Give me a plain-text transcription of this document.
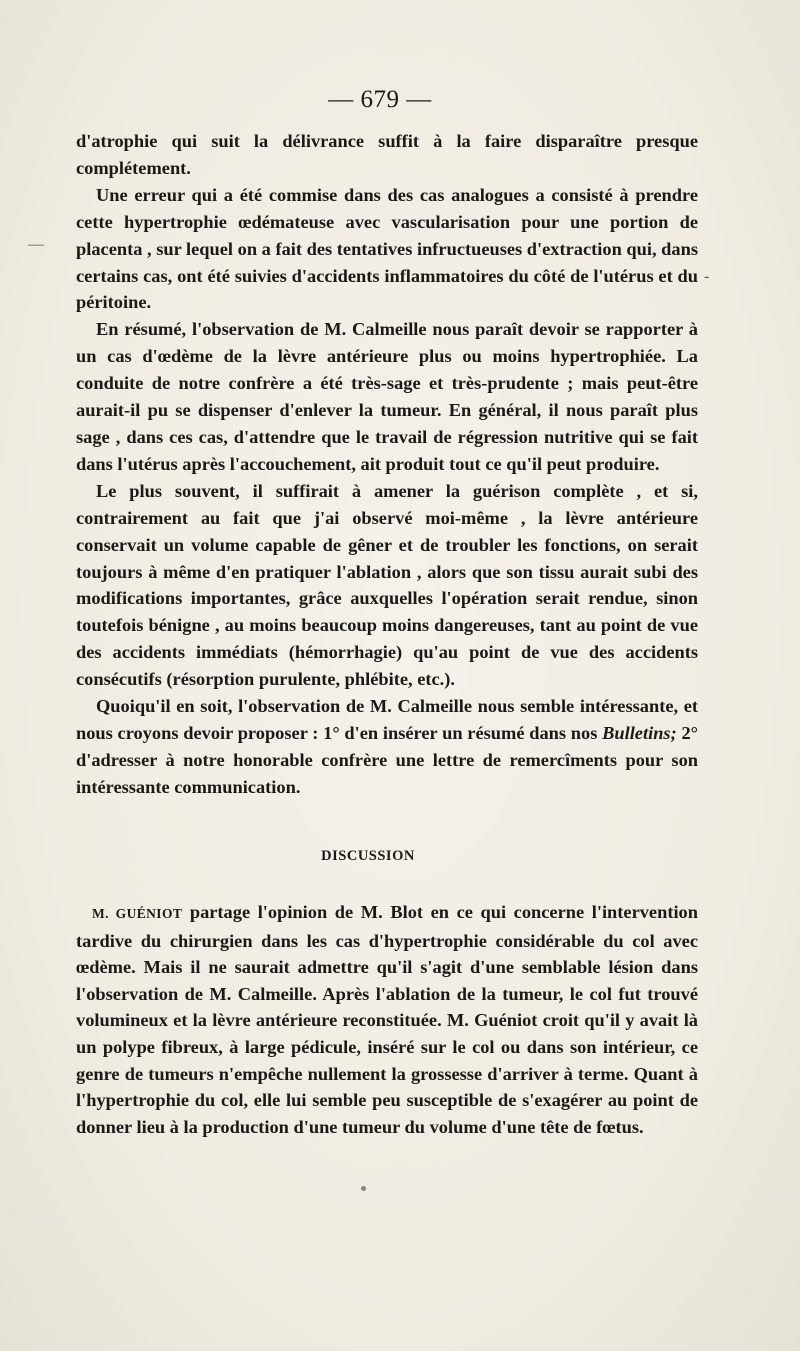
— 679 —
—
-

d'atrophie qui suit la délivrance suffit à la faire disparaître presque complétement.

Une erreur qui a été commise dans des cas analogues a consisté à prendre cette hypertrophie œdémateuse avec vascularisation pour une portion de placenta , sur lequel on a fait des tentatives infructueuses d'extraction qui, dans certains cas, ont été suivies d'accidents inflammatoires du côté de l'utérus et du péritoine.

En résumé, l'observation de M. Calmeille nous paraît devoir se rapporter à un cas d'œdème de la lèvre antérieure plus ou moins hypertrophiée. La conduite de notre confrère a été très-sage et très-prudente ; mais peut-être aurait-il pu se dispenser d'enlever la tumeur. En général, il nous paraît plus sage , dans ces cas, d'attendre que le travail de régression nutritive qui se fait dans l'utérus après l'accouchement, ait produit tout ce qu'il peut produire.

Le plus souvent, il suffirait à amener la guérison complète , et si, contrairement au fait que j'ai observé moi-même , la lèvre antérieure conservait un volume capable de gêner et de troubler les fonctions, on serait toujours à même d'en pratiquer l'ablation , alors que son tissu aurait subi des modifications importantes, grâce auxquelles l'opération serait rendue, sinon toutefois bénigne , au moins beaucoup moins dangereuses, tant au point de vue des accidents immédiats (hémorrhagie) qu'au point de vue des accidents consécutifs (résorption purulente, phlébite, etc.).

Quoiqu'il en soit, l'observation de M. Calmeille nous semble intéressante, et nous croyons devoir proposer : 1° d'en insérer un résumé dans nos Bulletins; 2° d'adresser à notre honorable confrère une lettre de remercîments pour son intéressante communication.

DISCUSSION

M. GUÉNIOT partage l'opinion de M. Blot en ce qui concerne l'intervention tardive du chirurgien dans les cas d'hypertrophie considérable du col avec œdème. Mais il ne saurait admettre qu'il s'agit d'une semblable lésion dans l'observation de M. Calmeille. Après l'ablation de la tumeur, le col fut trouvé volumineux et la lèvre antérieure reconstituée. M. Guéniot croit qu'il y avait là un polype fibreux, à large pédicule, inséré sur le col ou dans son intérieur, ce genre de tumeurs n'empêche nullement la grossesse d'arriver à terme. Quant à l'hypertrophie du col, elle lui semble peu susceptible de s'exagérer au point de donner lieu à la production d'une tumeur du volume d'une tête de fœtus.
